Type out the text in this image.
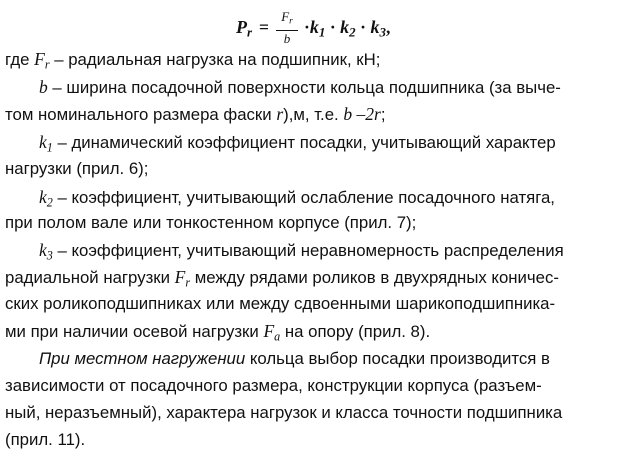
$P_r = \frac{F_r}{b} \cdot k_1 \cdot k_2 \cdot k_3$,
где $F_r$ – радиальная нагрузка на подшипник, кН;
b – ширина посадочной поверхности кольца подшипника (за выче-
том номинального размера фаски r),м, т.е. b –2r;
$k_1$ – динамический коэффициент посадки, учитывающий характер
нагрузки (прил. 6);
$k_2$ – коэффициент, учитывающий ослабление посадочного натяга,
при полом вале или тонкостенном корпусе (прил. 7);
$k_3$ – коэффициент, учитывающий неравномерность распределения
радиальной нагрузки $F_r$ между рядами роликов в двухрядных коничес-
ских роликоподшипниках или между сдвоенными шарикоподшипника-
ми при наличии осевой нагрузки $F_a$ на опору (прил. 8).
При местном нагружении кольца выбор посадки производится в
зависимости от посадочного размера, конструкции корпуса (разъем-
ный, неразъемный), характера нагрузок и класса точности подшипника
(прил. 11).
